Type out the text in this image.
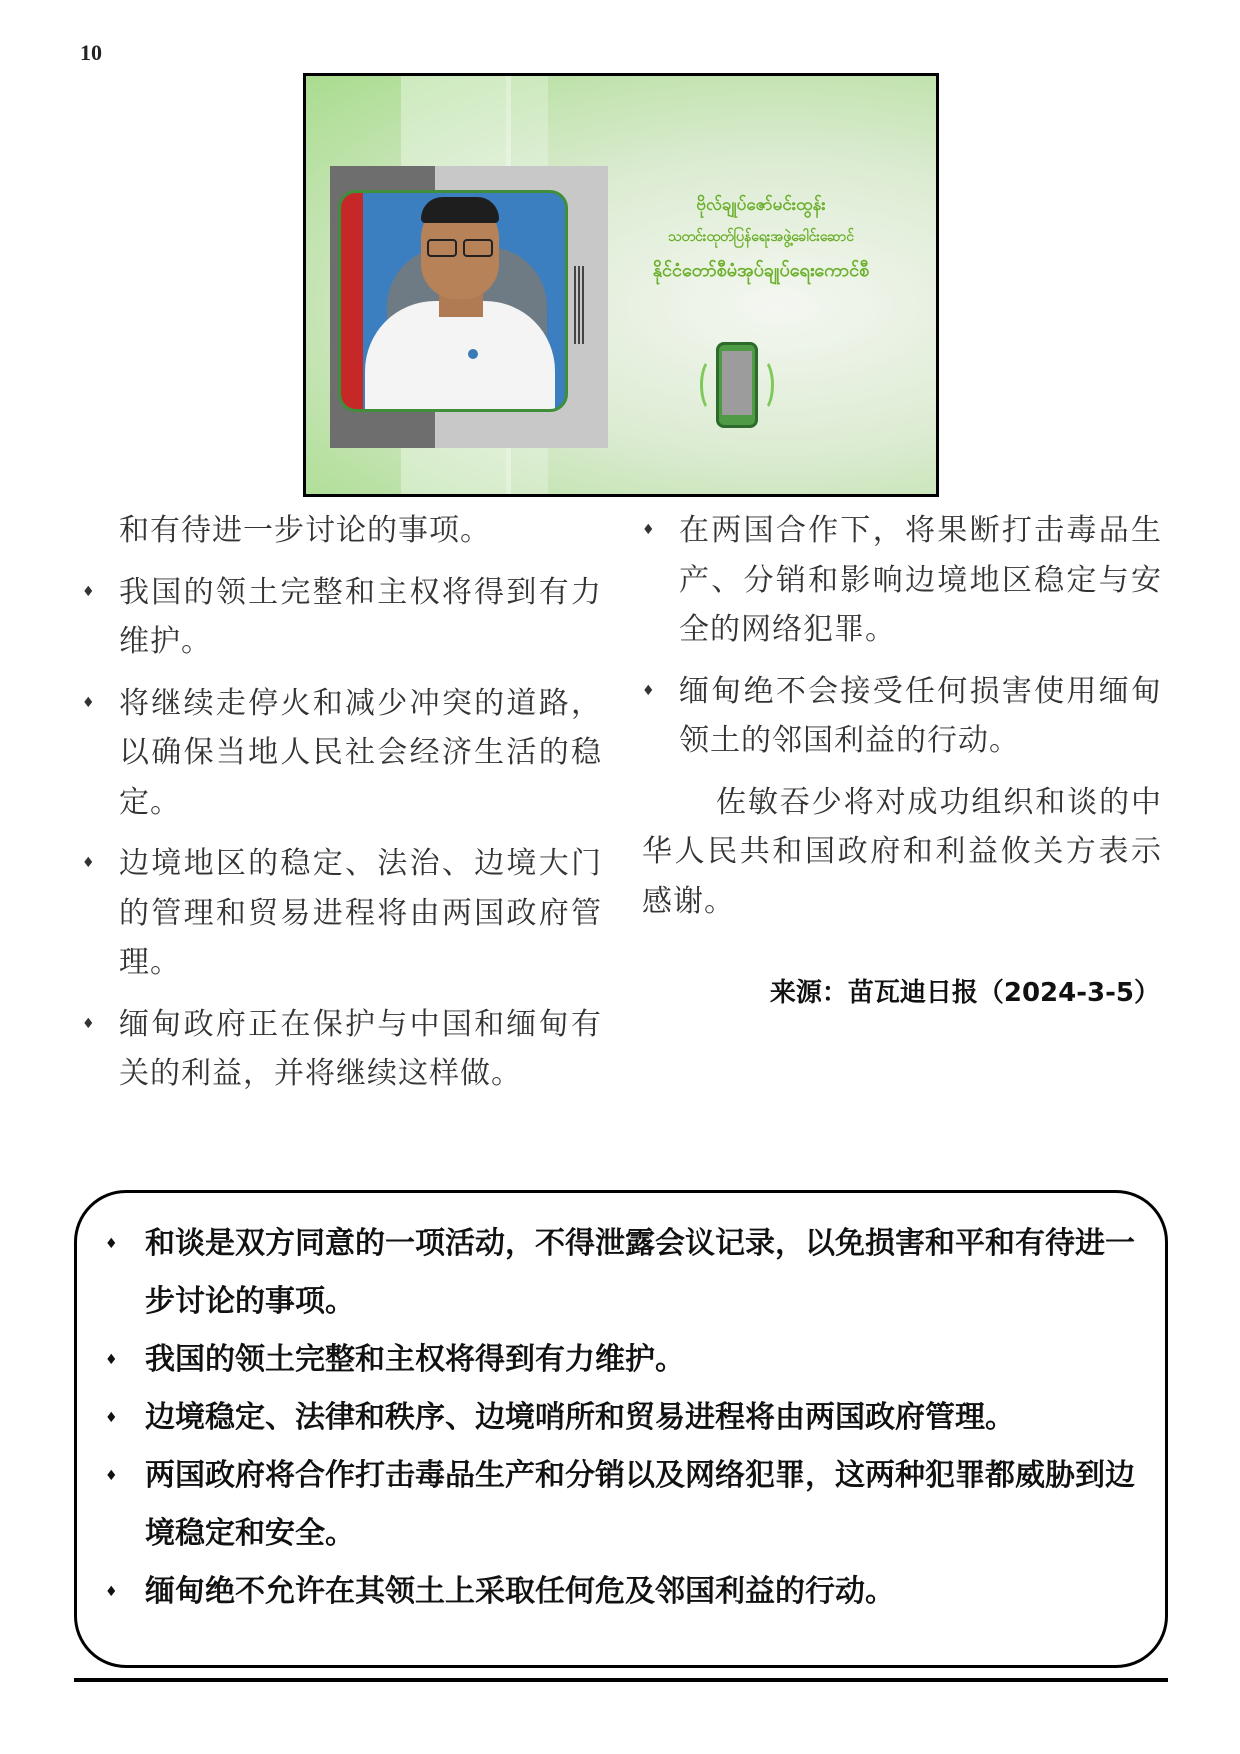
10
ဗိုလ်ချုပ်ဇော်မင်းထွန်း
သတင်းထုတ်ပြန်ရေးအဖွဲ့ခေါင်းဆောင်
နိုင်ငံတော်စီမံအုပ်ချုပ်ရေးကောင်စီ

和有待进一步讨论的事项。

♦ 我国的领土完整和主权将得到有力维护。
♦ 将继续走停火和减少冲突的道路，以确保当地人民社会经济生活的稳定。
♦ 边境地区的稳定、法治、边境大门的管理和贸易进程将由两国政府管理。
♦ 缅甸政府正在保护与中国和缅甸有关的利益，并将继续这样做。
♦ 在两国合作下，将果断打击毒品生产、分销和影响边境地区稳定与安全的网络犯罪。
♦ 缅甸绝不会接受任何损害使用缅甸领土的邻国利益的行动。

佐敏吞少将对成功组织和谈的中华人民共和国政府和利益攸关方表示感谢。

来源：苗瓦迪日报（2024-3-5）
♦ 和谈是双方同意的一项活动，不得泄露会议记录，以免损害和平和有待进一步讨论的事项。
♦ 我国的领土完整和主权将得到有力维护。
♦ 边境稳定、法律和秩序、边境哨所和贸易进程将由两国政府管理。
♦ 两国政府将合作打击毒品生产和分销以及网络犯罪，这两种犯罪都威胁到边境稳定和安全。
♦ 缅甸绝不允许在其领土上采取任何危及邻国利益的行动。
